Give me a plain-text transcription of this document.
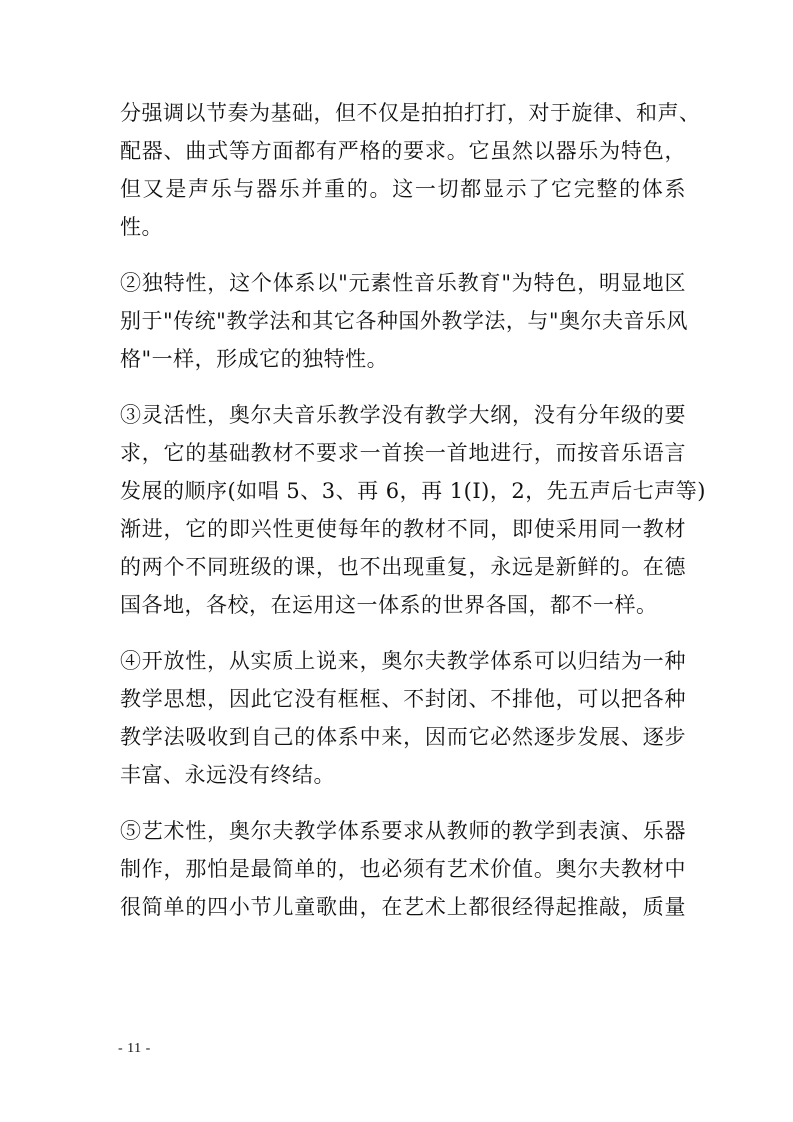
分强调以节奏为基础，但不仅是拍拍打打，对于旋律、和声、
配器、曲式等方面都有严格的要求。它虽然以器乐为特色，
但又是声乐与器乐并重的。这一切都显示了它完整的体系
性。
②独特性，这个体系以"元素性音乐教育"为特色，明显地区
别于"传统"教学法和其它各种国外教学法，与"奥尔夫音乐风
格"一样，形成它的独特性。
③灵活性，奥尔夫音乐教学没有教学大纲，没有分年级的要
求，它的基础教材不要求一首挨一首地进行，而按音乐语言
发展的顺序(如唱 5、3、再 6，再 1(I)，2，先五声后七声等)
渐进，它的即兴性更使每年的教材不同，即使采用同一教材
的两个不同班级的课，也不出现重复，永远是新鲜的。在德
国各地，各校，在运用这一体系的世界各国，都不一样。
④开放性，从实质上说来，奥尔夫教学体系可以归结为一种
教学思想，因此它没有框框、不封闭、不排他，可以把各种
教学法吸收到自己的体系中来，因而它必然逐步发展、逐步
丰富、永远没有终结。
⑤艺术性，奥尔夫教学体系要求从教师的教学到表演、乐器
制作，那怕是最简单的，也必须有艺术价值。奥尔夫教材中
很简单的四小节儿童歌曲，在艺术上都很经得起推敲，质量
- 11 -
